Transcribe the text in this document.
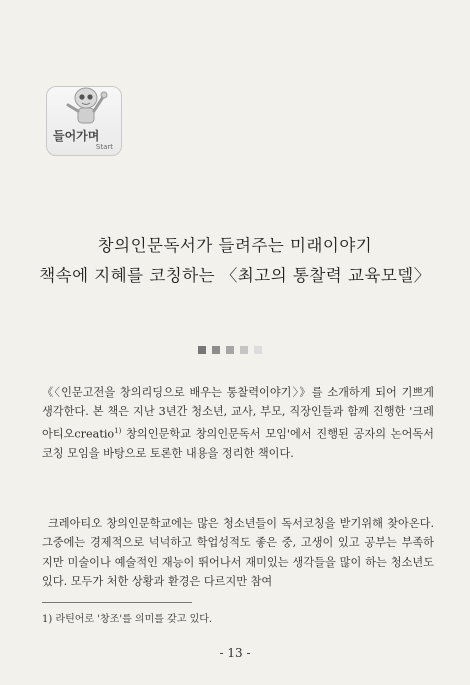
들어가며
Start
창의인문독서가 들려주는 미래이야기
책속에 지혜를 코칭하는 〈최고의 통찰력 교육모델〉
《〈인문고전을 창의리딩으로 배우는 통찰력이야기〉》를 소개하게 되어 기쁘게 생각한다. 본 책은 지난 3년간 청소년, 교사, 부모, 직장인들과 함께 진행한 '크레아티오creatio$^{1)}$ 창의인문학교 창의인문독서 모임'에서 진행된 공자의 논어독서코칭 모임을 바탕으로 토론한 내용을 정리한 책이다.
크레아티오 창의인문학교에는 많은 청소년들이 독서코칭을 받기위해 찾아온다. 그중에는 경제적으로 넉넉하고 학업성적도 좋은 중, 고생이 있고 공부는 부족하지만 미술이나 예술적인 재능이 뛰어나서 재미있는 생각들을 많이 하는 청소년도 있다. 모두가 처한 상황과 환경은 다르지만 참여
1) 라틴어로 '창조'를 의미를 갖고 있다.
- 13 -
